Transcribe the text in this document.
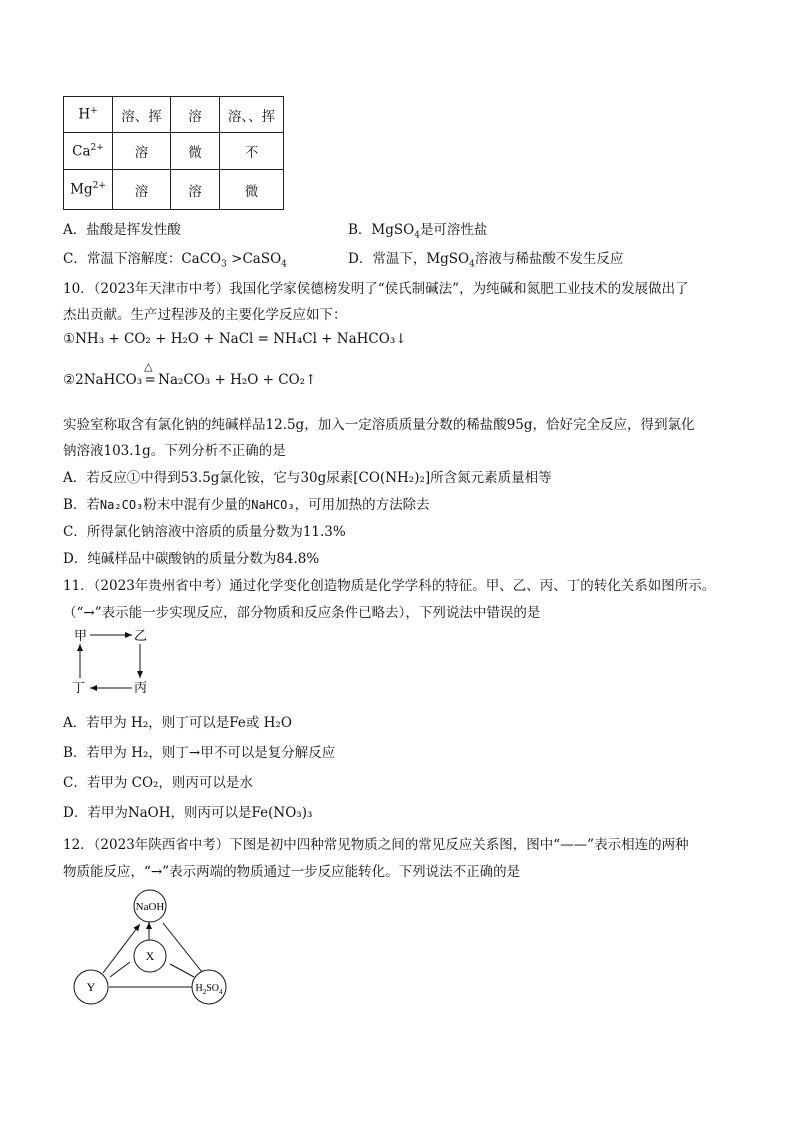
H+	溶、挥	溶	溶、、挥
$Ca^{2+}$	溶	微	不
$Mg^{2+}$	溶	溶	微
A．盐酸是挥发性酸	B．MgSO$_4$是可溶性盐
C．常温下溶解度：CaCO$_3$ >CaSO$_4$	D．常温下，MgSO$_4$溶液与稀盐酸不发生反应
10．（2023年天津市中考）我国化学家侯德榜发明了“侯氏制碱法”，为纯碱和氮肥工业技术的发展做出了
杰出贡献。生产过程涉及的主要化学反应如下：
①NH₃ + CO₂ + H₂O + NaCl = NH₄Cl + NaHCO₃↓
②2NaHCO₃
△
= Na₂CO₃ + H₂O + CO₂↑
实验室称取含有氯化钠的纯碱样品12.5g，加入一定溶质质量分数的稀盐酸95g，恰好完全反应，得到氯化
钠溶液103.1g。下列分析不正确的是
A．若反应①中得到53.5g氯化铵，它与30g尿素[CO(NH₂)₂]所含氮元素质量相等
B．若Na₂CO₃粉末中混有少量的NaHCO₃，可用加热的方法除去
C．所得氯化钠溶液中溶质的质量分数为11.3%
D．纯碱样品中碳酸钠的质量分数为84.8%
11．（2023年贵州省中考）通过化学变化创造物质是化学学科的特征。甲、乙、丙、丁的转化关系如图所示。
（“→”表示能一步实现反应，部分物质和反应条件已略去），下列说法中错误的是
甲	乙
丙
丁
A．若甲为 H₂，则丁可以是Fe或 H₂O
B．若甲为 H₂，则丁→甲不可以是复分解反应
C．若甲为 CO₂，则丙可以是水
D．若甲为NaOH，则丙可以是Fe(NO₃)₃
12．（2023年陕西省中考）下图是初中四种常见物质之间的常见反应关系图，图中“——”表示相连的两种
物质能反应，“→”表示两端的物质通过一步反应能转化。下列说法不正确的是
NaOH
X
Y	$H_2SO_4$
